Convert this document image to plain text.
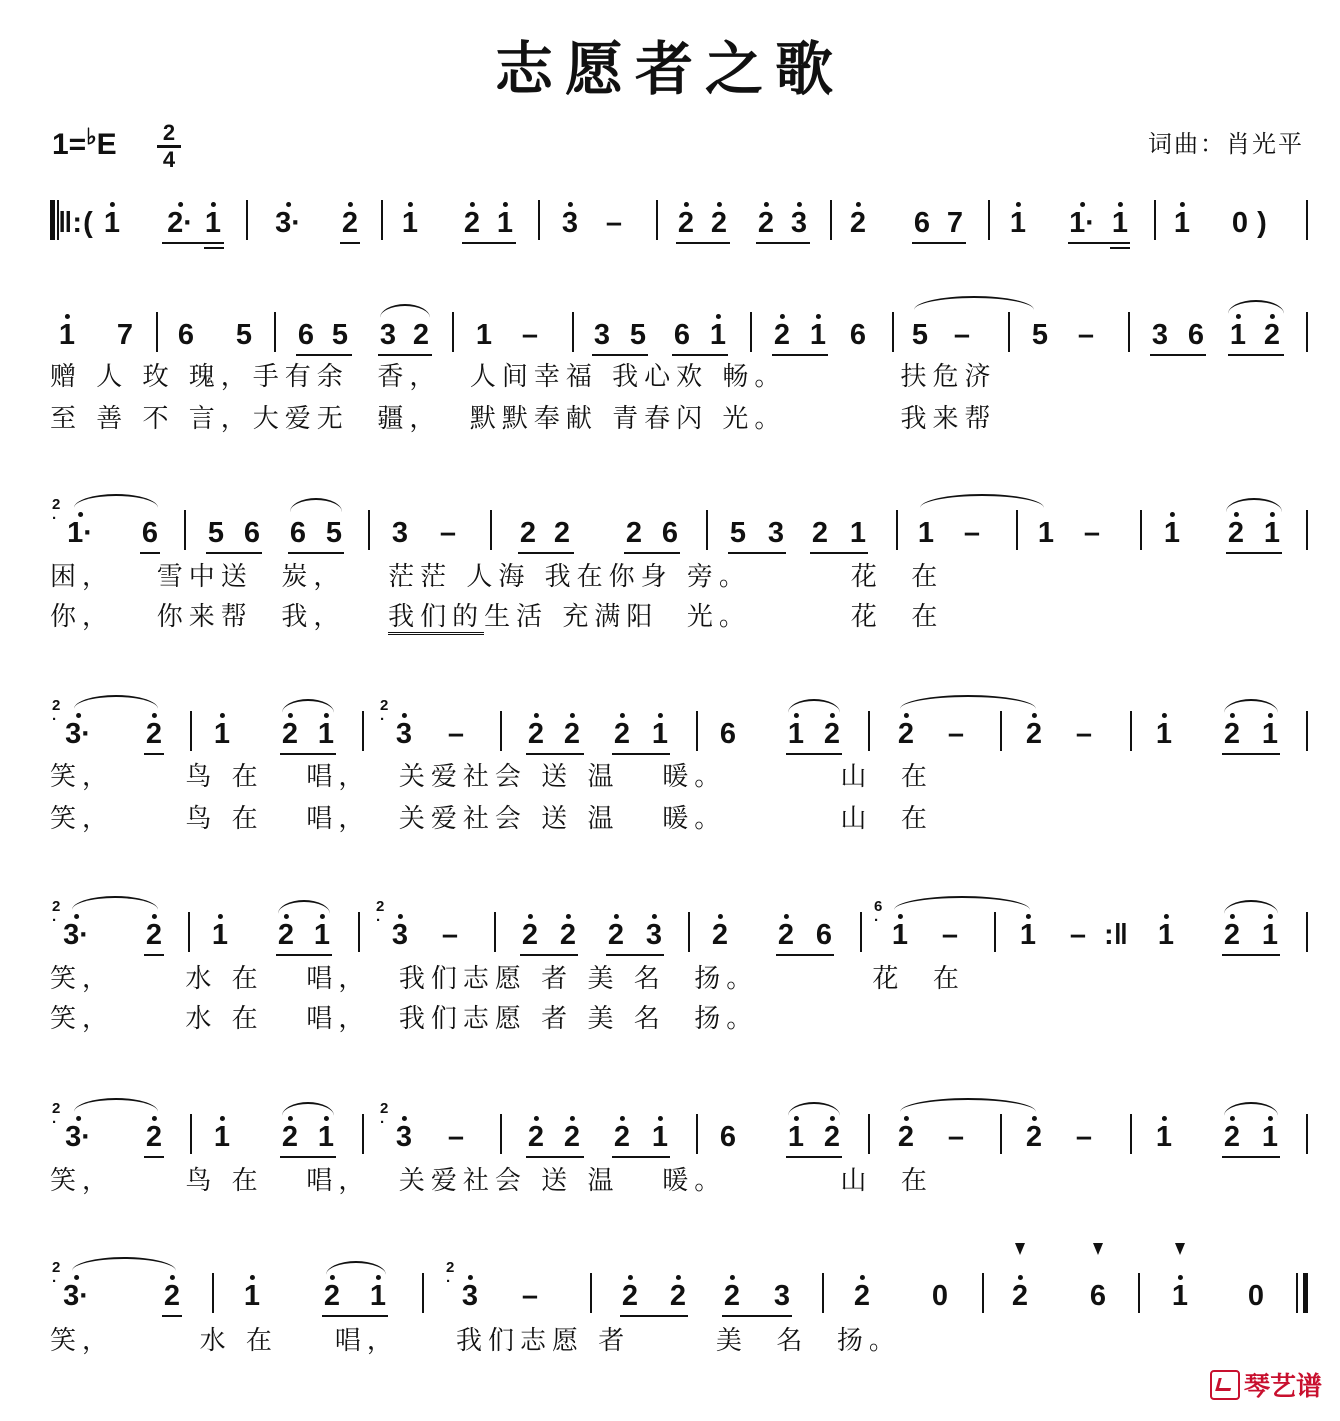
志愿者之歌
1=♭E 2
4
词曲：肖光平
‖: ( 1 2· 1 3· 2 1 2 1 3 – 2 2 2 3 2 6 7 1 1· 1 1 0 )
1 7 6 5 6 5 3 2 1 – 3 5 6 1 2 1 6 5 – 5 – 3 6 1 2
赠 人 玫 瑰，手有余  香，  人间幸福 我心欢 畅。        扶危济
至 善 不 言，大爱无  疆，  默默奉献 青春闪 光。        我来帮
2
· 1· 6 5 6 6 5 3 – 2 2 2 6 5 3 2 1 1 – 1 – 1 2 1
困，   雪中送  炭，   茫茫 人海 我在你身 旁。       花  在
你，   你来帮  我，   我们的生活 充满阳  光。       花  在
2
· 3· 2 1 2 1
2
· 3 – 2 2 2 1 6 1 2 2 – 2 – 1 2 1
笑，     鸟 在   唱，  关爱社会 送 温   暖。        山  在
笑，     鸟 在   唱，  关爱社会 送 温   暖。        山  在
2
· 3· 2 1 2 1
2
· 3 – 2 2 2 3 2 2 6
6
· 1 – 1 – :‖ 1 2 1
笑，     水 在   唱，  我们志愿 者 美 名  扬。        花  在
笑，     水 在   唱，  我们志愿 者 美 名  扬。
2
· 3· 2 1 2 1
2
· 3 – 2 2 2 1 6 1 2 2 – 2 – 1 2 1
笑，     鸟 在   唱，  关爱社会 送 温   暖。        山  在
2
· 3·	2 1 2 1
2
· 3 –	2 2 2 3 2 0 2 6 1 0
笑，      水 在    唱，    我们志愿 者      美  名  扬。
琴艺谱
